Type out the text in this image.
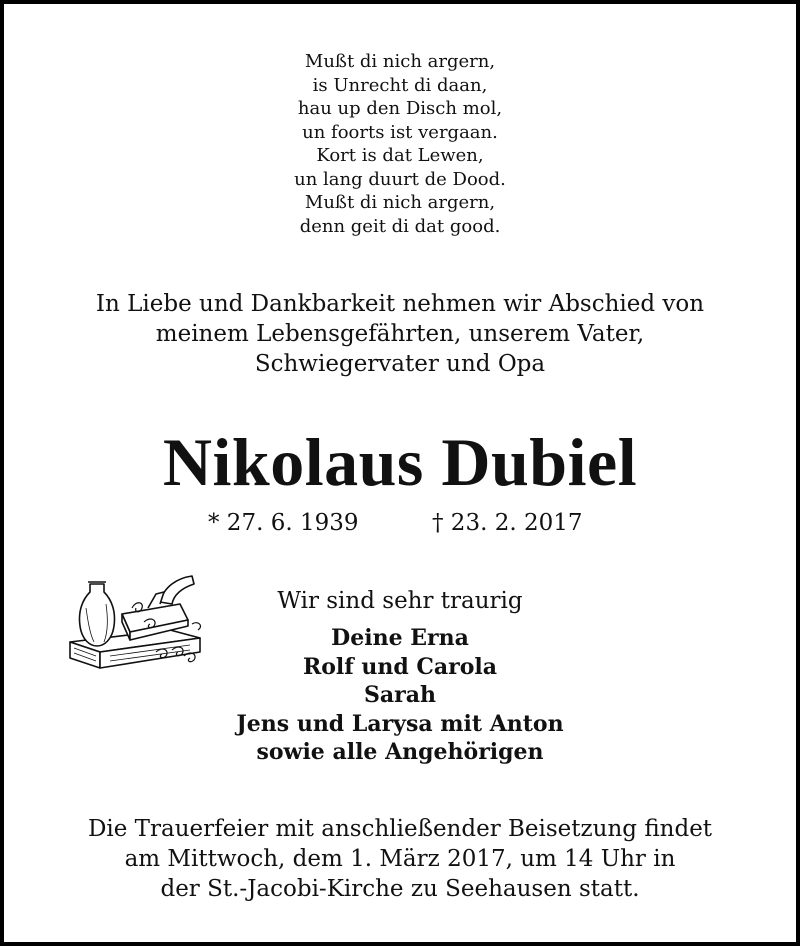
Mußt di nich argern,
is Unrecht di daan,
hau up den Disch mol,
un foorts ist vergaan.
Kort is dat Lewen,
un lang duurt de Dood.
Mußt di nich argern,
denn geit di dat good.
In Liebe und Dankbarkeit nehmen wir Abschied von
meinem Lebensgefährten, unserem Vater,
Schwiegervater und Opa
Nikolaus Dubiel
* 27. 6. 1939	† 23. 2. 2017
Wir sind sehr traurig
Deine Erna
Rolf und Carola
Sarah
Jens und Larysa mit Anton
sowie alle Angehörigen
Die Trauerfeier mit anschließender Beisetzung findet
am Mittwoch, dem 1. März 2017, um 14 Uhr in
der St.-Jacobi-Kirche zu Seehausen statt.
